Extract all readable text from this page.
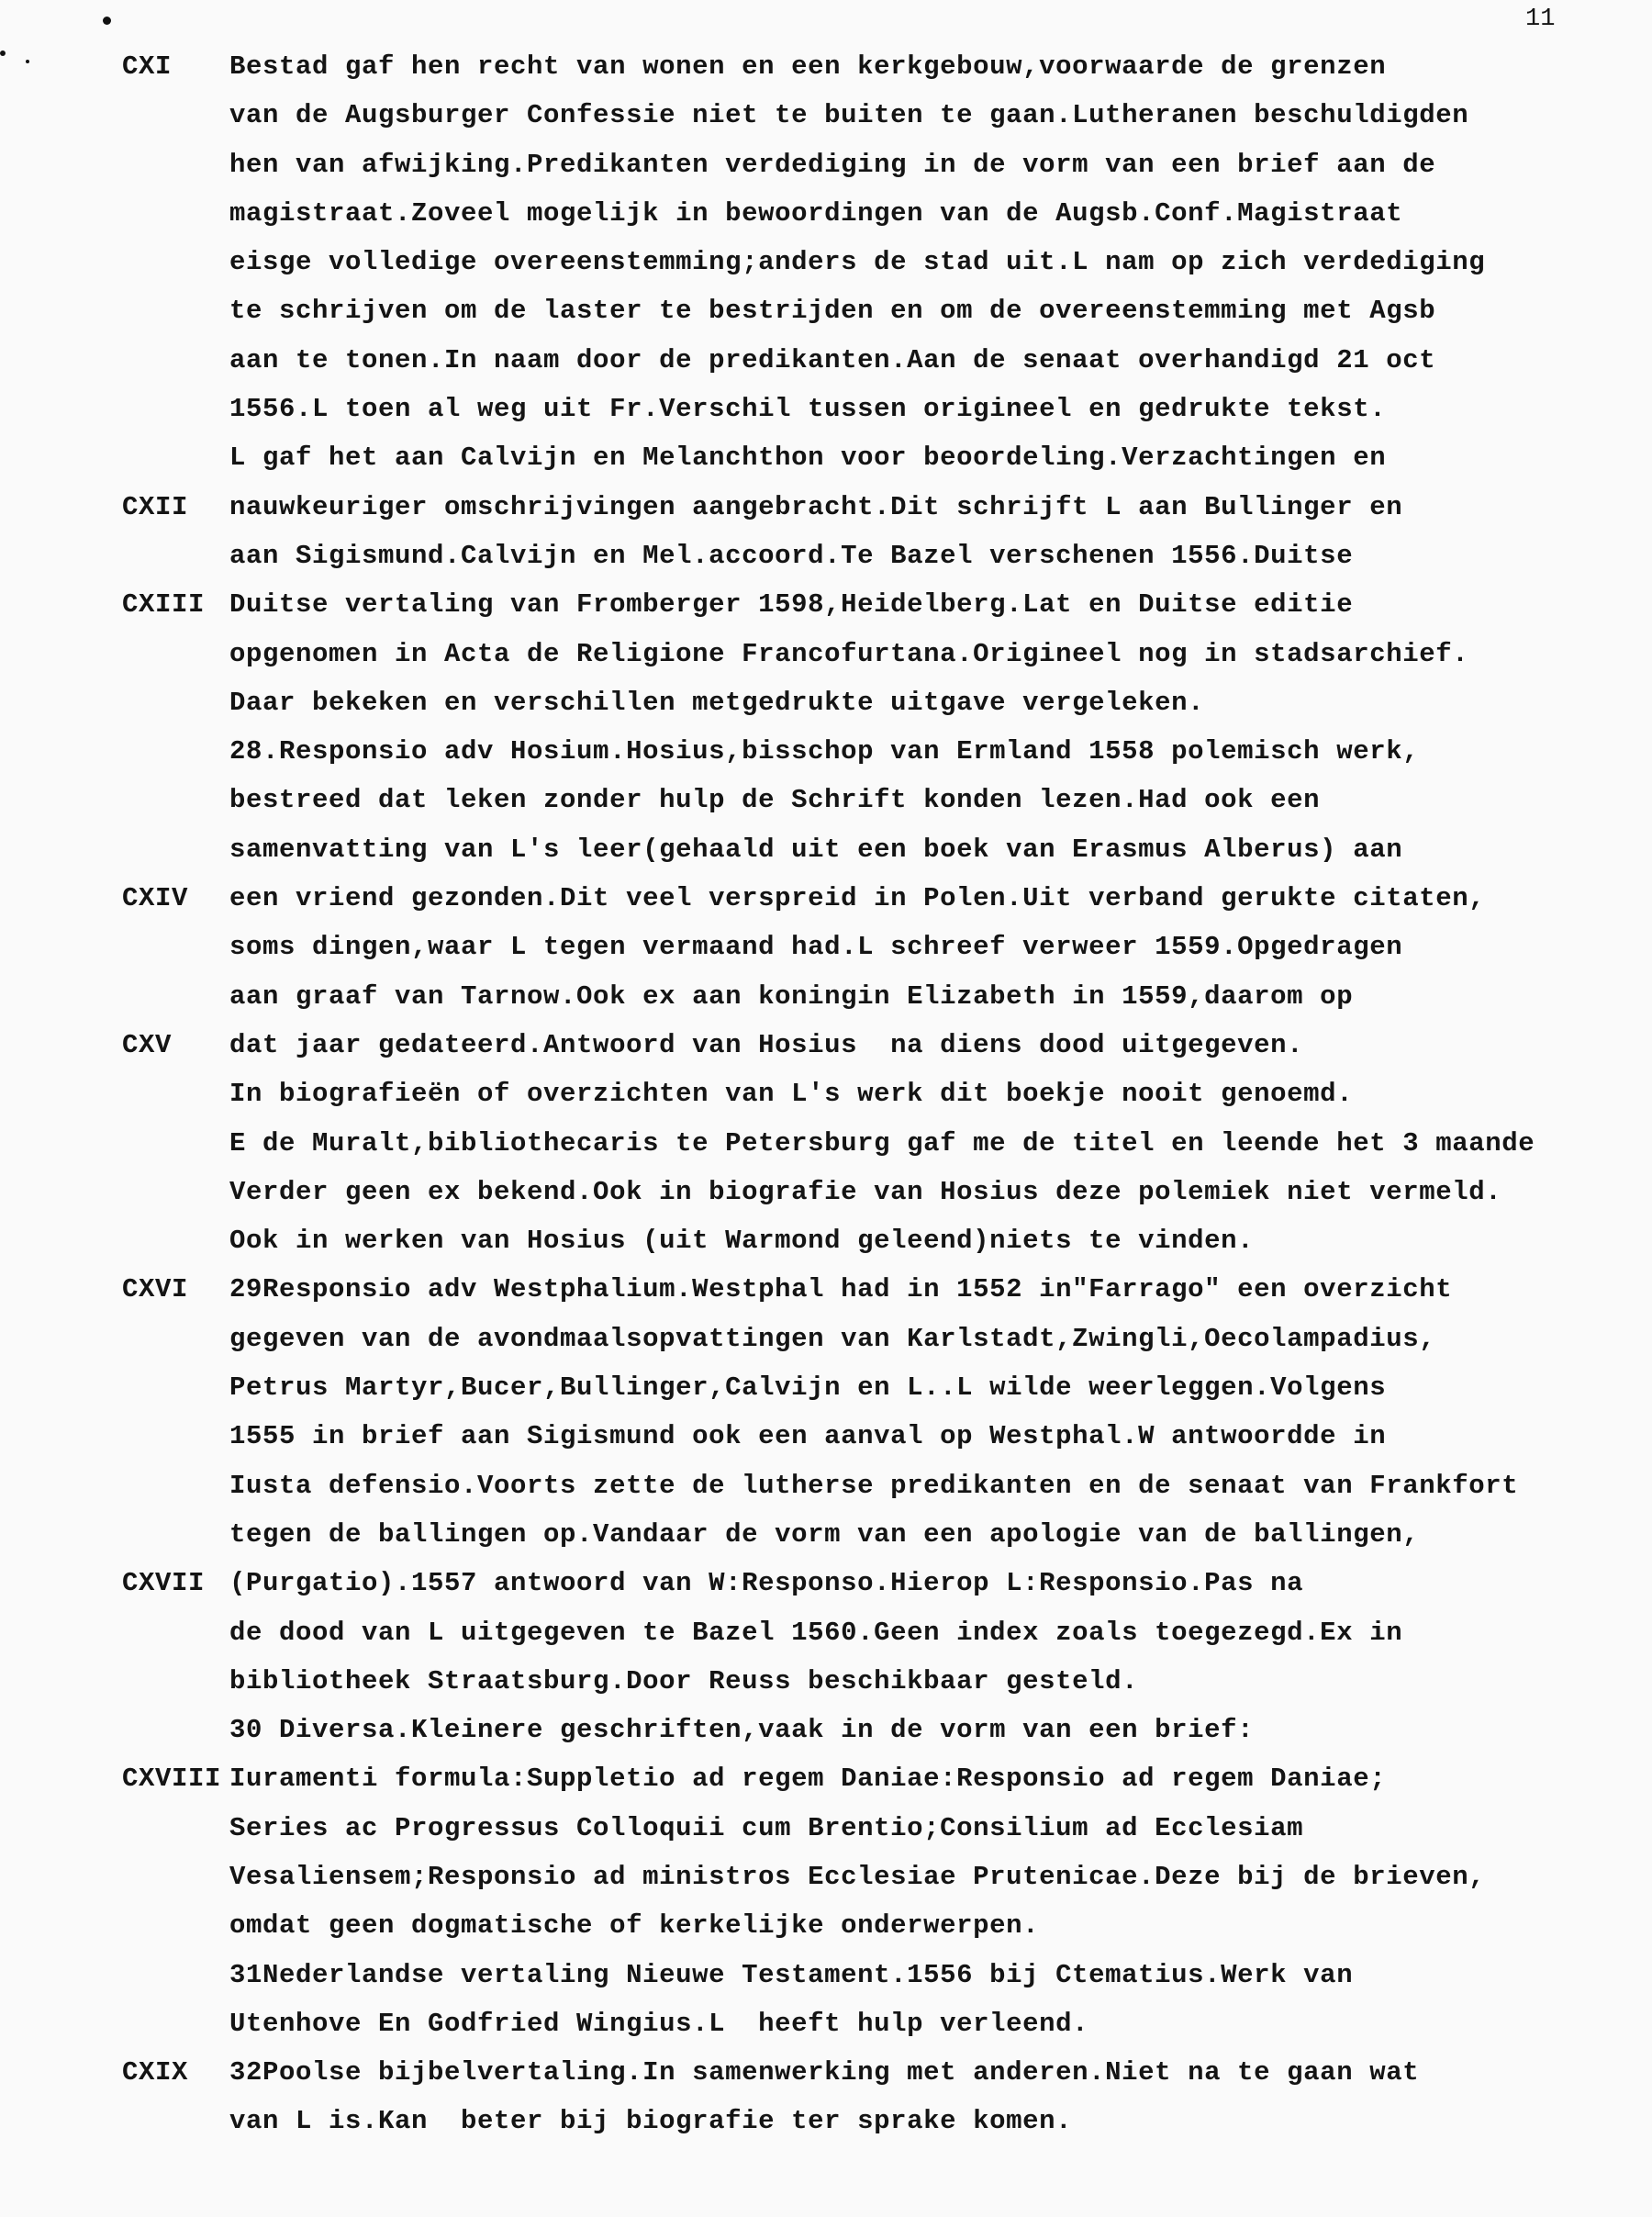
11
CXI Bestad gaf hen recht van wonen en een kerkgebouw,voorwaarde de grenzen
van de Augsburger Confessie niet te buiten te gaan.Lutheranen beschuldigden
hen van afwijking.Predikanten verdediging in de vorm van een brief aan de
magistraat.Zoveel mogelijk in bewoordingen van de Augsb.Conf.Magistraat
eisge volledige overeenstemming;anders de stad uit.L nam op zich verdediging
te schrijven om de laster te bestrijden en om de overeenstemming met Agsb
aan te tonen.In naam door de predikanten.Aan de senaat overhandigd 21 oct
1556.L toen al weg uit Fr.Verschil tussen origineel en gedrukte tekst.
L gaf het aan Calvijn en Melanchthon voor beoordeling.Verzachtingen en
CXII nauwkeuriger omschrijvingen aangebracht.Dit schrijft L aan Bullinger en
aan Sigismund.Calvijn en Mel.accoord.Te Bazel verschenen 1556.Duitse
CXIII Duitse vertaling van Fromberger 1598,Heidelberg.Lat en Duitse editie
opgenomen in Acta de Religione Francofurtana.Origineel nog in stadsarchief.
Daar bekeken en verschillen metgedrukte uitgave vergeleken.
28.Responsio adv Hosium.Hosius,bisschop van Ermland 1558 polemisch werk,
bestreed dat leken zonder hulp de Schrift konden lezen.Had ook een
samenvatting van L's leer(gehaald uit een boek van Erasmus Alberus) aan
CXIV een vriend gezonden.Dit veel verspreid in Polen.Uit verband gerukte citaten,
soms dingen,waar L tegen vermaand had.L schreef verweer 1559.Opgedragen
aan graaf van Tarnow.Ook ex aan koningin Elizabeth in 1559,daarom op
CXV dat jaar gedateerd.Antwoord van Hosius  na diens dood uitgegeven.
In biografieën of overzichten van L's werk dit boekje nooit genoemd.
E de Muralt,bibliothecaris te Petersburg gaf me de titel en leende het 3 maande
Verder geen ex bekend.Ook in biografie van Hosius deze polemiek niet vermeld.
Ook in werken van Hosius (uit Warmond geleend)niets te vinden.
CXVI 29Responsio adv Westphalium.Westphal had in 1552 in"Farrago" een overzicht
gegeven van de avondmaalsopvattingen van Karlstadt,Zwingli,Oecolampadius,
Petrus Martyr,Bucer,Bullinger,Calvijn en L..L wilde weerleggen.Volgens
1555 in brief aan Sigismund ook een aanval op Westphal.W antwoordde in
Iusta defensio.Voorts zette de lutherse predikanten en de senaat van Frankfort
tegen de ballingen op.Vandaar de vorm van een apologie van de ballingen,
CXVII (Purgatio).1557 antwoord van W:Responso.Hierop L:Responsio.Pas na
de dood van L uitgegeven te Bazel 1560.Geen index zoals toegezegd.Ex in
bibliotheek Straatsburg.Door Reuss beschikbaar gesteld.
30 Diversa.Kleinere geschriften,vaak in de vorm van een brief:
CXVIII Iuramenti formula:Suppletio ad regem Daniae:Responsio ad regem Daniae;
Series ac Progressus Colloquii cum Brentio;Consilium ad Ecclesiam
Vesaliensem;Responsio ad ministros Ecclesiae Prutenicae.Deze bij de brieven,
omdat geen dogmatische of kerkelijke onderwerpen.
31Nederlandse vertaling Nieuwe Testament.1556 bij Ctematius.Werk van
Utenhove En Godfried Wingius.L  heeft hulp verleend.
CXIX 32Poolse bijbelvertaling.In samenwerking met anderen.Niet na te gaan wat
van L is.Kan  beter bij biografie ter sprake komen.
